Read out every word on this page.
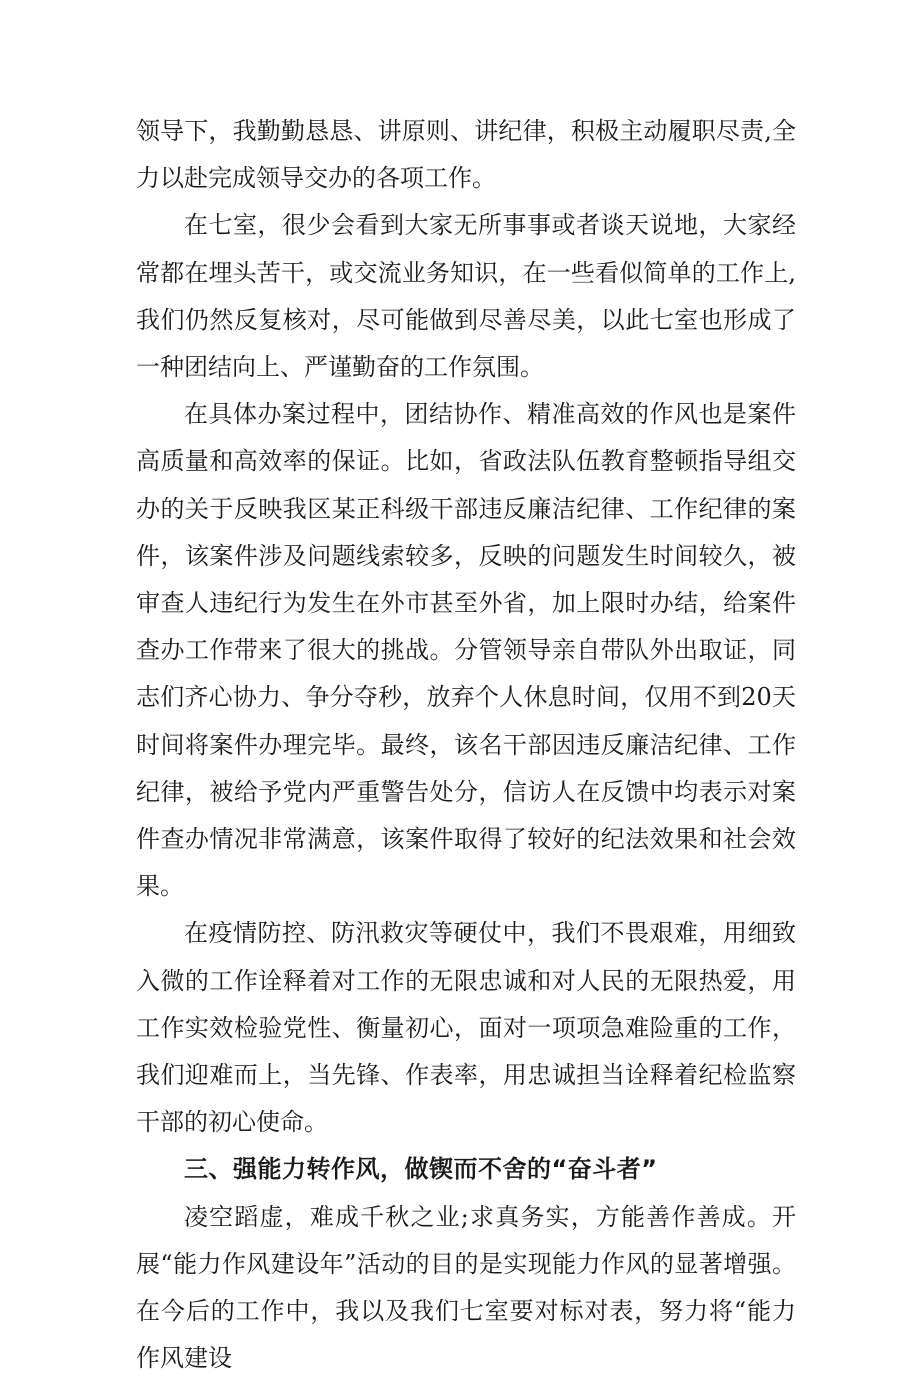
领导下，我勤勤恳恳、讲原则、讲纪律，积极主动履职尽责,全力以赴完成领导交办的各项工作。

在七室，很少会看到大家无所事事或者谈天说地，大家经常都在埋头苦干，或交流业务知识，在一些看似简单的工作上,我们仍然反复核对，尽可能做到尽善尽美，以此七室也形成了一种团结向上、严谨勤奋的工作氛围。

在具体办案过程中，团结协作、精准高效的作风也是案件高质量和高效率的保证。比如，省政法队伍教育整顿指导组交办的关于反映我区某正科级干部违反廉洁纪律、工作纪律的案件，该案件涉及问题线索较多，反映的问题发生时间较久，被审查人违纪行为发生在外市甚至外省，加上限时办结，给案件查办工作带来了很大的挑战。分管领导亲自带队外出取证，同志们齐心协力、争分夺秒，放弃个人休息时间，仅用不到20天时间将案件办理完毕。最终，该名干部因违反廉洁纪律、工作纪律，被给予党内严重警告处分，信访人在反馈中均表示对案件查办情况非常满意，该案件取得了较好的纪法效果和社会效果。

在疫情防控、防汛救灾等硬仗中，我们不畏艰难，用细致入微的工作诠释着对工作的无限忠诚和对人民的无限热爱，用工作实效检验党性、衡量初心，面对一项项急难险重的工作，我们迎难而上，当先锋、作表率，用忠诚担当诠释着纪检监察干部的初心使命。

三、强能力转作风，做锲而不舍的“奋斗者”

凌空蹈虚，难成千秋之业;求真务实，方能善作善成。开展“能力作风建设年”活动的目的是实现能力作风的显著增强。在今后的工作中，我以及我们七室要对标对表，努力将“能力作风建设
